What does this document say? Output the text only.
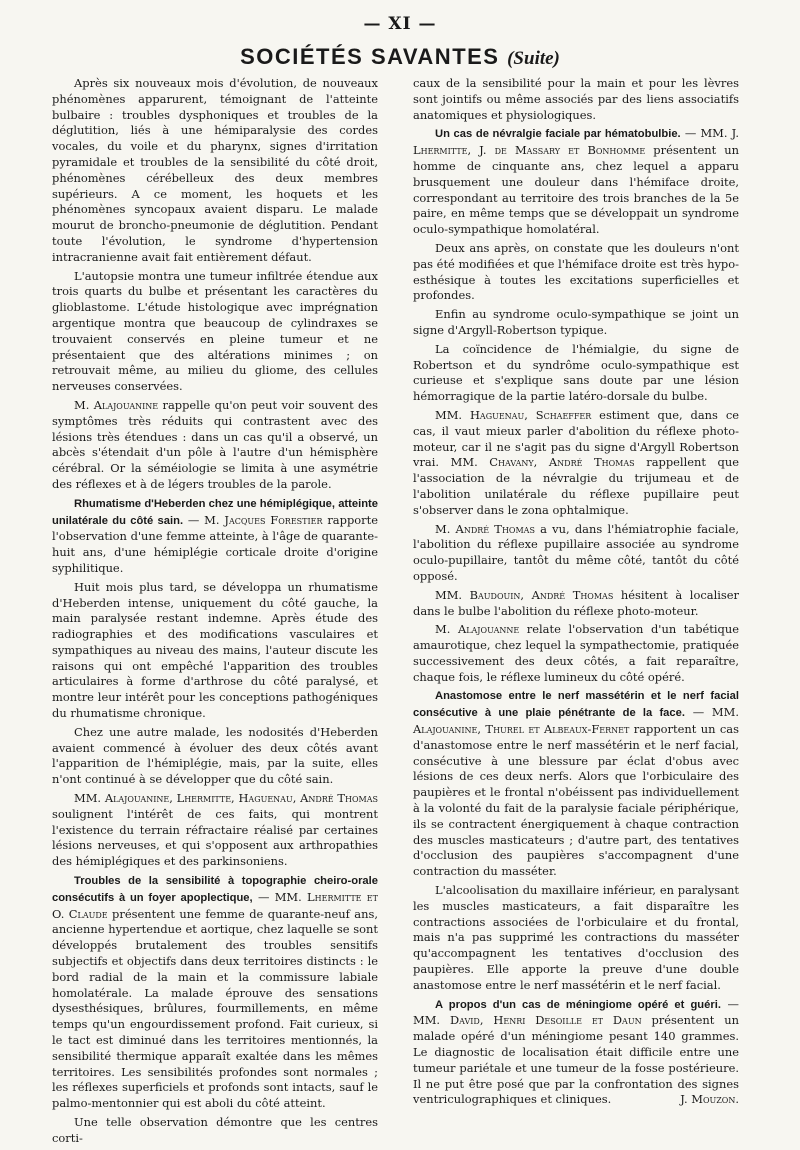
— XI —
SOCIÉTÉS SAVANTES (Suite)

Après six nouveaux mois d'évolution, de nouveaux phénomènes apparurent, témoignant de l'atteinte bulbaire : troubles dysphoniques et troubles de la déglutition, liés à une hémiparalysie des cordes vocales, du voile et du pharynx, signes d'irritation pyramidale et troubles de la sensibilité du côté droit, phénomènes cérébelleux des deux membres supérieurs. A ce moment, les hoquets et les phénomènes syncopaux avaient disparu. Le malade mourut de broncho-pneumonie de déglutition. Pendant toute l'évolution, le syndrome d'hypertension intracranienne avait fait entièrement défaut.

L'autopsie montra une tumeur infiltrée étendue aux trois quarts du bulbe et présentant les caractères du glioblastome. L'étude histologique avec imprégnation argentique montra que beaucoup de cylindraxes se trouvaient conservés en pleine tumeur et ne présentaient que des altérations minimes ; on retrouvait même, au milieu du gliome, des cellules nerveuses conservées.

M. Alajouanine rappelle qu'on peut voir souvent des symptômes très réduits qui contrastent avec des lésions très étendues : dans un cas qu'il a observé, un abcès s'étendait d'un pôle à l'autre d'un hémisphère cérébral. Or la séméiologie se limita à une asymétrie des réflexes et à de légers troubles de la parole.

Rhumatisme d'Heberden chez une hémiplégique, atteinte unilatérale du côté sain. — M. Jacques Forestier rapporte l'observation d'une femme atteinte, à l'âge de quarante-huit ans, d'une hémiplégie corticale droite d'origine syphilitique.

Huit mois plus tard, se développa un rhumatisme d'Heberden intense, uniquement du côté gauche, la main paralysée restant indemne. Après étude des radiographies et des modifications vasculaires et sympathiques au niveau des mains, l'auteur discute les raisons qui ont empêché l'apparition des troubles articulaires à forme d'arthrose du côté paralysé, et montre leur intérêt pour les conceptions pathogéniques du rhumatisme chronique.

Chez une autre malade, les nodosités d'Heberden avaient commencé à évoluer des deux côtés avant l'apparition de l'hémiplégie, mais, par la suite, elles n'ont continué à se développer que du côté sain.

MM. Alajouanine, Lhermitte, Haguenau, André Thomas soulignent l'intérêt de ces faits, qui montrent l'existence du terrain réfractaire réalisé par certaines lésions nerveuses, et qui s'opposent aux arthropathies des hémiplégiques et des parkinsoniens.

Troubles de la sensibilité à topographie cheiro-orale consécutifs à un foyer apoplectique, — MM. Lhermitte et O. Claude présentent une femme de quarante-neuf ans, ancienne hypertendue et aortique, chez laquelle se sont développés brutalement des troubles sensitifs subjectifs et objectifs dans deux territoires distincts : le bord radial de la main et la commissure labiale homolatérale. La malade éprouve des sensations dysesthésiques, brûlures, fourmillements, en même temps qu'un engourdissement profond. Fait curieux, si le tact est diminué dans les territoires mentionnés, la sensibilité thermique apparaît exaltée dans les mêmes territoires. Les sensibilités profondes sont normales ; les réflexes superficiels et profonds sont intacts, sauf le palmo-mentonnier qui est aboli du côté atteint.

Une telle observation démontre que les centres corti-

caux de la sensibilité pour la main et pour les lèvres sont jointifs ou même associés par des liens associatifs anatomiques et physiologiques.

Un cas de névralgie faciale par hématobulbie. — MM. J. Lhermitte, J. de Massary et Bonhomme présentent un homme de cinquante ans, chez lequel a apparu brusquement une douleur dans l'hémiface droite, correspondant au territoire des trois branches de la 5e paire, en même temps que se développait un syndrome oculo-sympathique homolatéral.

Deux ans après, on constate que les douleurs n'ont pas été modifiées et que l'hémiface droite est très hypo-esthésique à toutes les excitations superficielles et profondes.

Enfin au syndrome oculo-sympathique se joint un signe d'Argyll-Robertson typique.

La coïncidence de l'hémialgie, du signe de Robertson et du syndrôme oculo-sympathique est curieuse et s'explique sans doute par une lésion hémorragique de la partie latéro-dorsale du bulbe.

MM. Haguenau, Schaeffer estiment que, dans ce cas, il vaut mieux parler d'abolition du réflexe photo-moteur, car il ne s'agit pas du signe d'Argyll Robertson vrai. MM. Chavany, André Thomas rappellent que l'association de la névralgie du trijumeau et de l'abolition unilatérale du réflexe pupillaire peut s'observer dans le zona ophtalmique.

M. André Thomas a vu, dans l'hémiatrophie faciale, l'abolition du réflexe pupillaire associée au syndrome oculo-pupillaire, tantôt du même côté, tantôt du côté opposé.

MM. Baudouin, André Thomas hésitent à localiser dans le bulbe l'abolition du réflexe photo-moteur.

M. Alajouanne relate l'observation d'un tabétique amaurotique, chez lequel la sympathectomie, pratiquée successivement des deux côtés, a fait reparaître, chaque fois, le réflexe lumineux du côté opéré.

Anastomose entre le nerf massétérin et le nerf facial consécutive à une plaie pénétrante de la face. — MM. Alajouanine, Thurel et Albeaux-Fernet rapportent un cas d'anastomose entre le nerf massétérin et le nerf facial, consécutive à une blessure par éclat d'obus avec lésions de ces deux nerfs. Alors que l'orbiculaire des paupières et le frontal n'obéissent pas individuellement à la volonté du fait de la paralysie faciale périphérique, ils se contractent énergiquement à chaque contraction des muscles masticateurs ; d'autre part, des tentatives d'occlusion des paupières s'accompagnent d'une contraction du masséter.

L'alcoolisation du maxillaire inférieur, en paralysant les muscles masticateurs, a fait disparaître les contractions associées de l'orbiculaire et du frontal, mais n'a pas supprimé les contractions du masséter qu'accompagnent les tentatives d'occlusion des paupières. Elle apporte la preuve d'une double anastomose entre le nerf massétérin et le nerf facial.

A propos d'un cas de méningiome opéré et guéri. — MM. David, Henri Desoille et Daun présentent un malade opéré d'un méningiome pesant 140 grammes. Le diagnostic de localisation était difficile entre une tumeur pariétale et une tumeur de la fosse postérieure. Il ne put être posé que par la confrontation des signes ventriculographiques et cliniques.	J. Mouzon.
